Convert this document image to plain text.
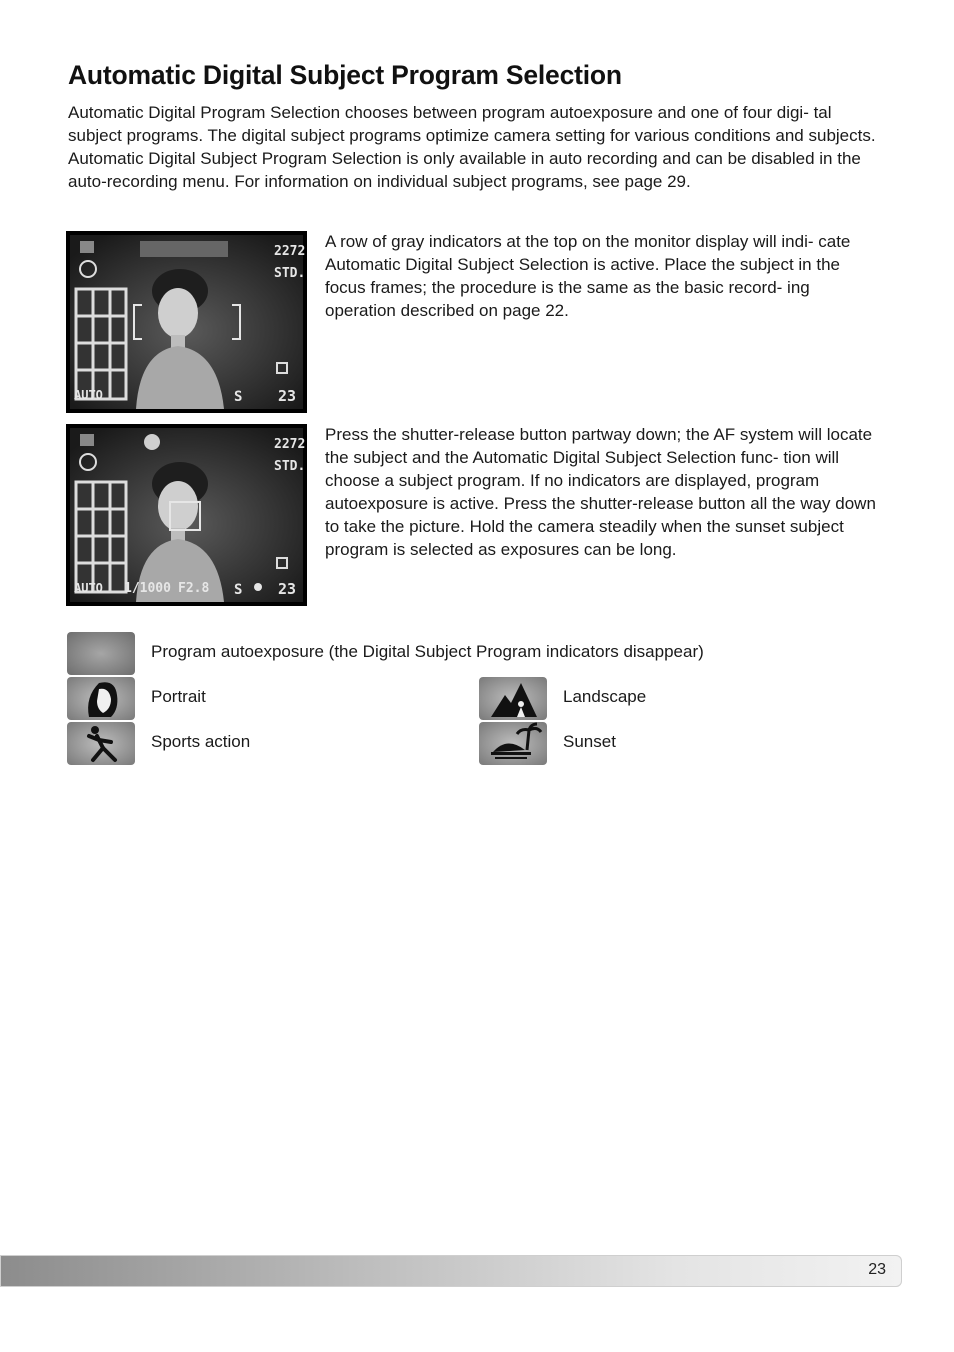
Automatic Digital Subject Program Selection

Automatic Digital Program Selection chooses between program autoexposure and one of four digi- tal subject programs. The digital subject programs optimize camera setting for various conditions and subjects. Automatic Digital Subject Program Selection is only available in auto recording and can be disabled in the auto-recording menu. For information on individual subject programs, see page 29.

2272
STD.
AUTO	S 23

A row of gray indicators at the top on the monitor display will indi- cate Automatic Digital Subject Selection is active. Place the subject in the focus frames; the procedure is the same as the basic record- ing operation described on page 22.

2272
STD.
AUTO 1/1000 F2.8 S 23

Press the shutter-release button partway down; the AF system will locate the subject and the Automatic Digital Subject Selection func- tion will choose a subject program. If no indicators are displayed, program autoexposure is active. Press the shutter-release button all the way down to take the picture. Hold the camera steadily when the sunset subject program is selected as exposures can be long.

Program autoexposure (the Digital Subject Program indicators disappear)
Portrait	Landscape
Sports action	Sunset
23
